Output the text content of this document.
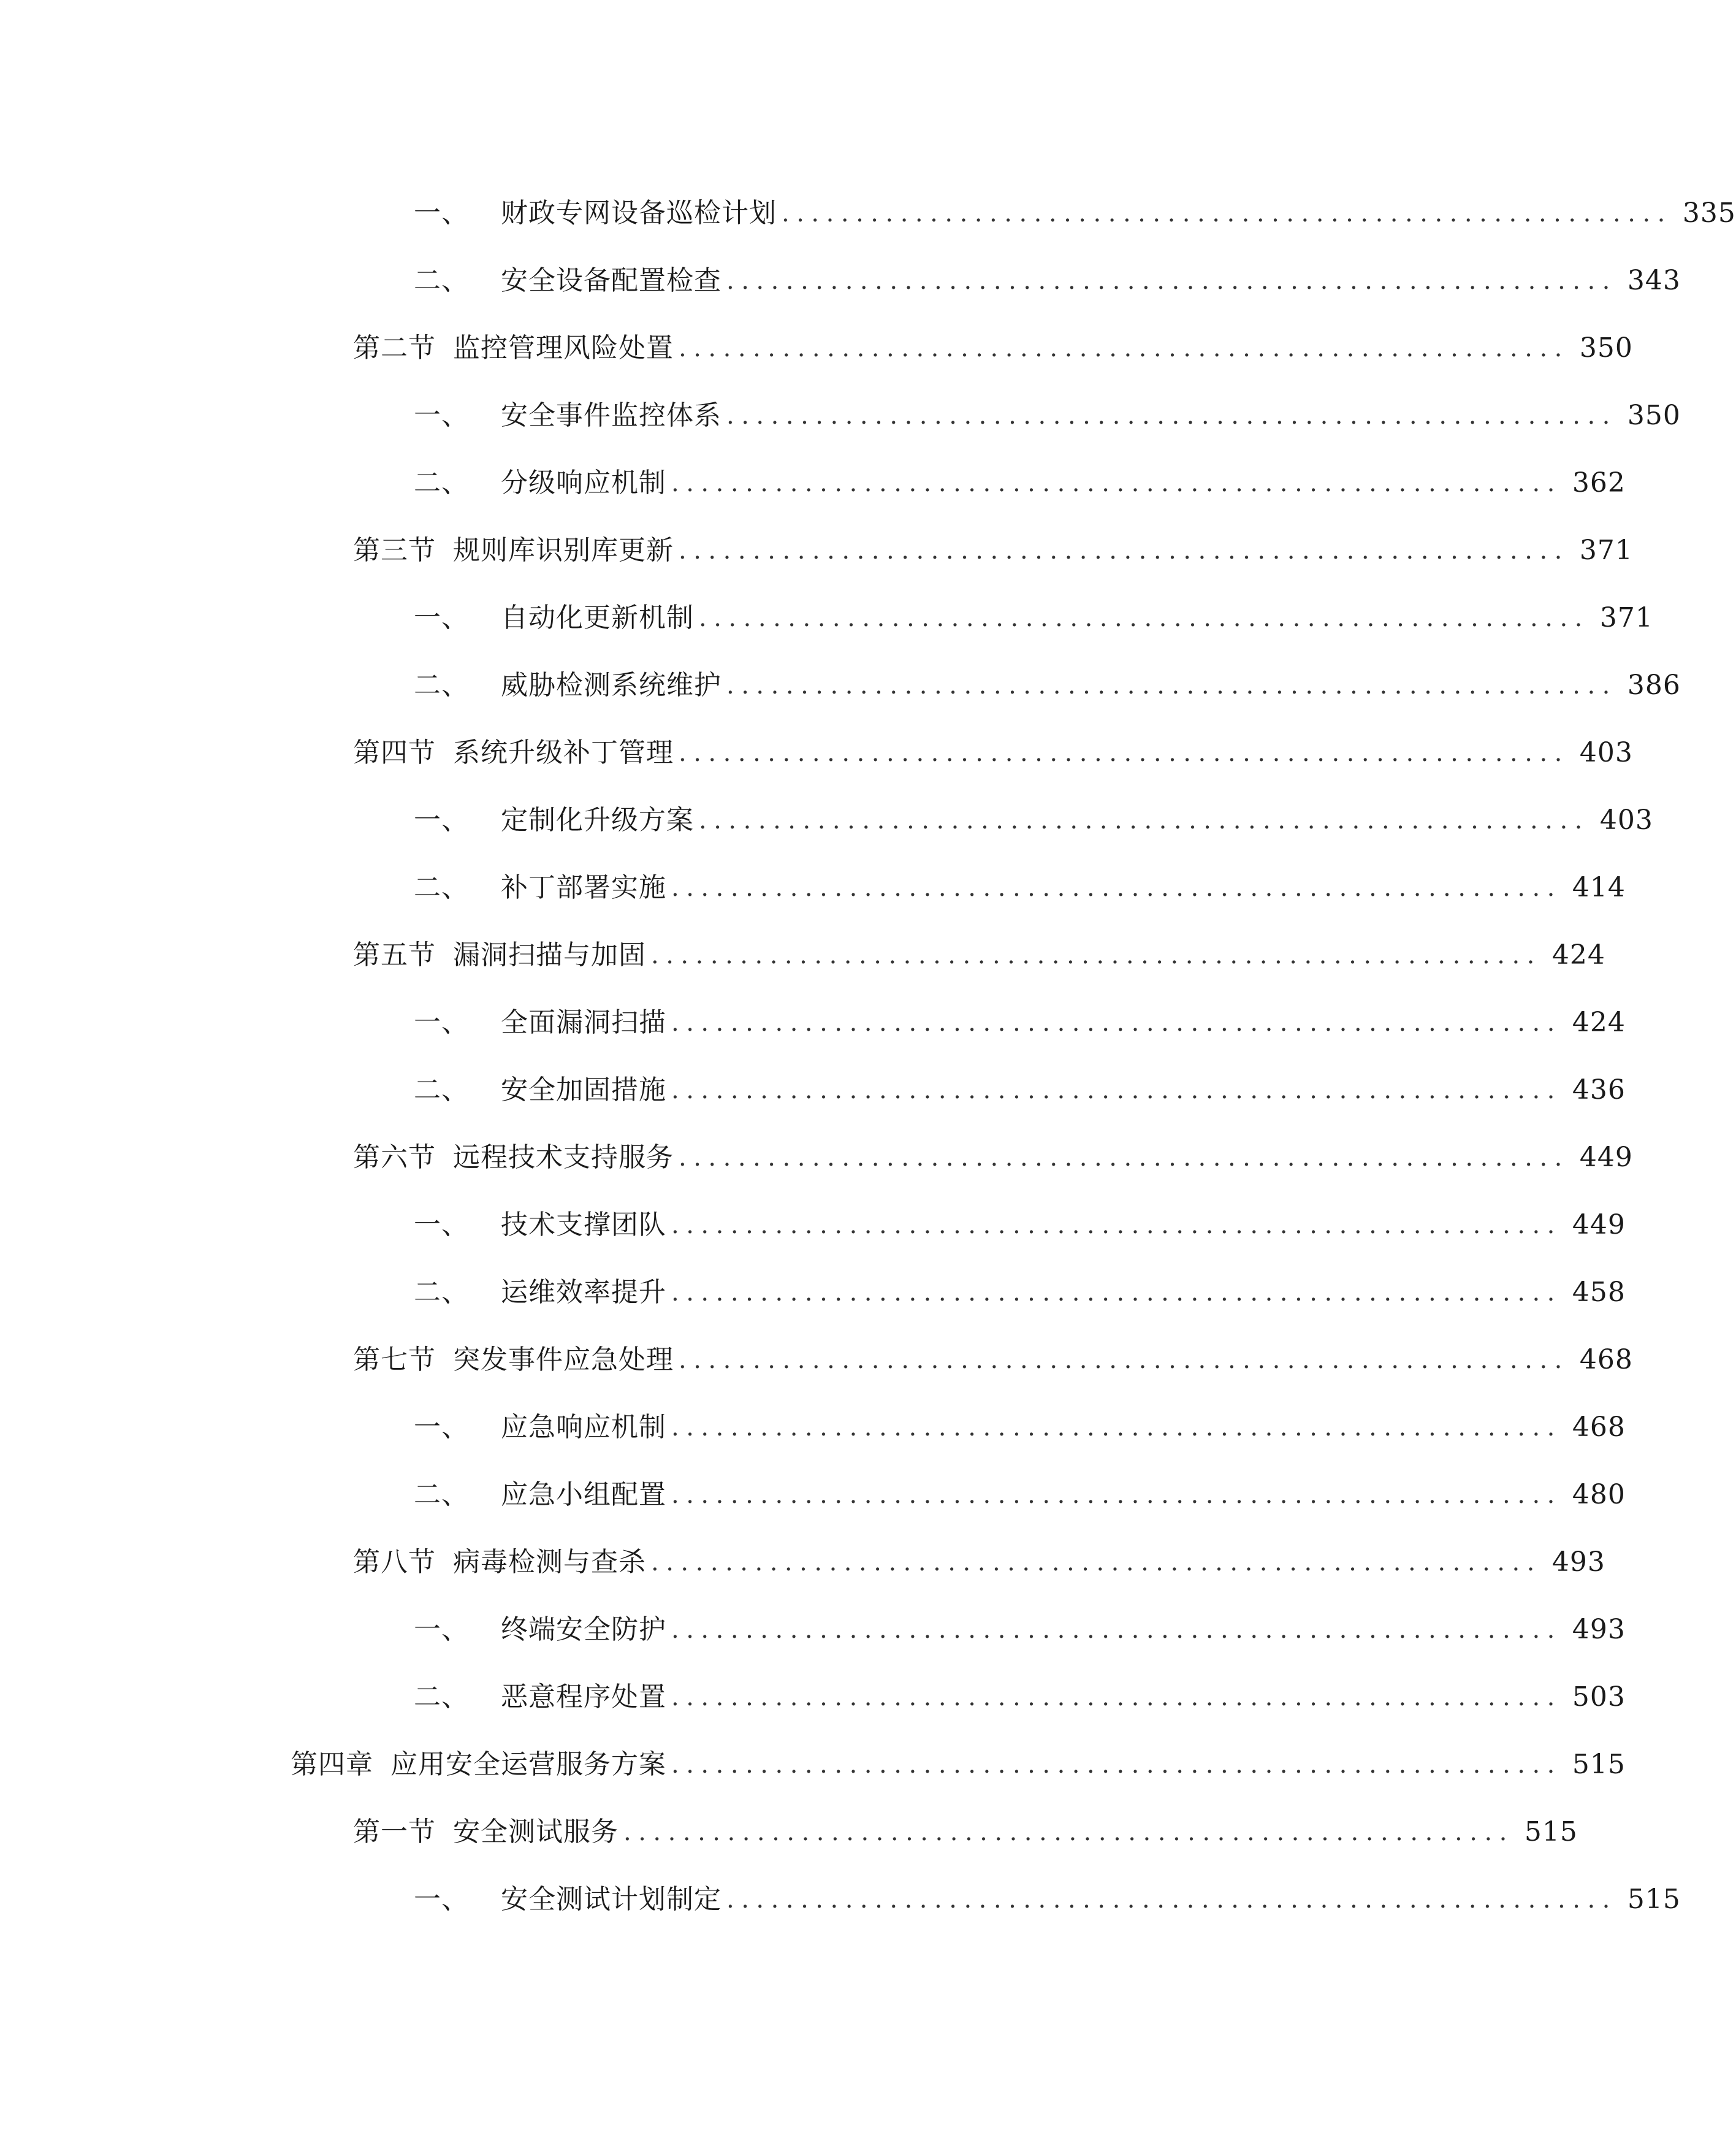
一、 财政专网设备巡检计划 ............................................................ 335
二、 安全设备配置检查 ............................................................ 343
第二节 监控管理风险处置 ............................................................ 350
一、 安全事件监控体系 ............................................................ 350
二、 分级响应机制 ............................................................ 362
第三节 规则库识别库更新 ............................................................ 371
一、 自动化更新机制 ............................................................ 371
二、 威胁检测系统维护 ............................................................ 386
第四节 系统升级补丁管理 ............................................................ 403
一、 定制化升级方案 ............................................................ 403
二、 补丁部署实施 ............................................................ 414
第五节 漏洞扫描与加固 ............................................................ 424
一、 全面漏洞扫描 ............................................................ 424
二、 安全加固措施 ............................................................ 436
第六节 远程技术支持服务 ............................................................ 449
一、 技术支撑团队 ............................................................ 449
二、 运维效率提升 ............................................................ 458
第七节 突发事件应急处理 ............................................................ 468
一、 应急响应机制 ............................................................ 468
二、 应急小组配置 ............................................................ 480
第八节 病毒检测与查杀 ............................................................ 493
一、 终端安全防护 ............................................................ 493
二、 恶意程序处置 ............................................................ 503
第四章 应用安全运营服务方案 ............................................................ 515
第一节 安全测试服务 ............................................................ 515
一、 安全测试计划制定 ............................................................ 515
